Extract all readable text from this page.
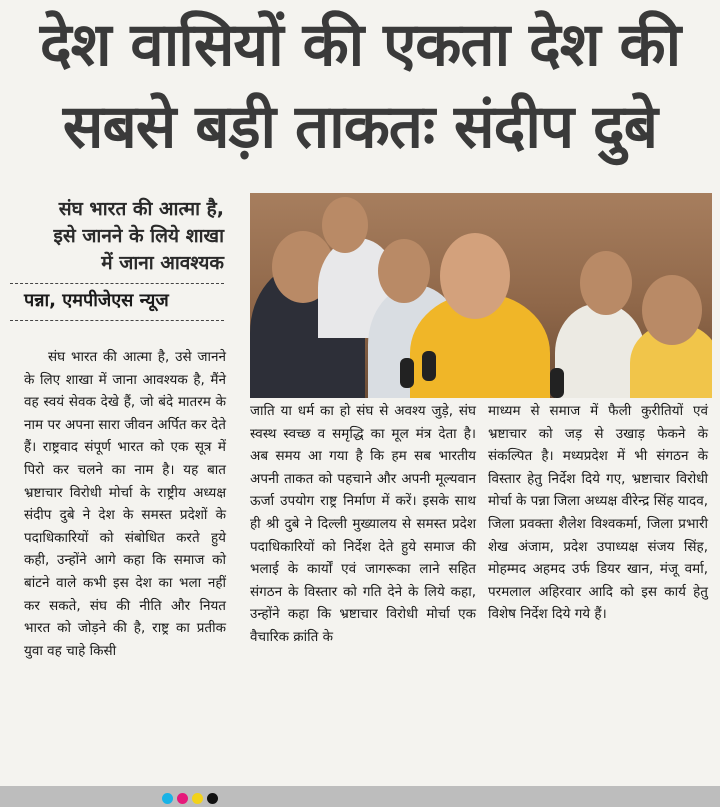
देश वासियों की एकता देश की
सबसे बड़ी ताकतः संदीप दुबे

संघ भारत की आत्मा है,

इसे जानने के लिये शाखा

में जाना आवश्यक

पन्ना, एमपीजेएस न्यूज

संघ भारत की आत्मा है, उसे जानने के लिए शाखा में जाना आवश्यक है, मैंने वह स्वयं सेवक देखे हैं, जो बंदे मातरम के नाम पर अपना सारा जीवन अर्पित कर देते हैं। राष्ट्रवाद संपूर्ण भारत को एक सूत्र में पिरो कर चलने का नाम है। यह बात भ्रष्टाचार विरोधी मोर्चा के राष्ट्रीय अध्यक्ष संदीप दुबे ने देश के समस्त प्रदेशों के पदाधिकारियों को संबोधित करते हुये कही, उन्होंने आगे कहा कि समाज को बांटने वाले कभी इस देश का भला नहीं कर सकते, संघ की नीति और नियत भारत को जोड़ने की है, राष्ट्र का प्रतीक युवा वह चाहे किसी

जाति या धर्म का हो संघ से अवश्य जुड़े, संघ स्वस्थ स्वच्छ व समृद्धि का मूल मंत्र देता है। अब समय आ गया है कि हम सब भारतीय अपनी ताकत को पहचाने और अपनी मूल्यवान ऊर्जा उपयोग राष्ट्र निर्माण में करें। इसके साथ ही श्री दुबे ने दिल्ली मुख्यालय से समस्त प्रदेश पदाधिकारियों को निर्देश देते हुये समाज की भलाई के कार्यों एवं जागरूका लाने सहित संगठन के विस्तार को गति देने के लिये कहा, उन्होंने कहा कि भ्रष्टाचार विरोधी मोर्चा एक वैचारिक क्रांति के

माध्यम से समाज में फैली कुरीतियों एवं भ्रष्टाचार को जड़ से उखाड़ फेकने के संकल्पित है। मध्यप्रदेश में भी संगठन के विस्तार हेतु निर्देश दिये गए, भ्रष्टाचार विरोधी मोर्चा के पन्ना जिला अध्यक्ष वीरेन्द्र सिंह यादव, जिला प्रवक्ता शैलेश विश्वकर्मा, जिला प्रभारी शेख अंजाम, प्रदेश उपाध्यक्ष संजय सिंह, मोहम्मद अहमद उर्फ डियर खान, मंजू वर्मा, परमलाल अहिरवार आदि को इस कार्य हेतु विशेष निर्देश दिये गये हैं।
